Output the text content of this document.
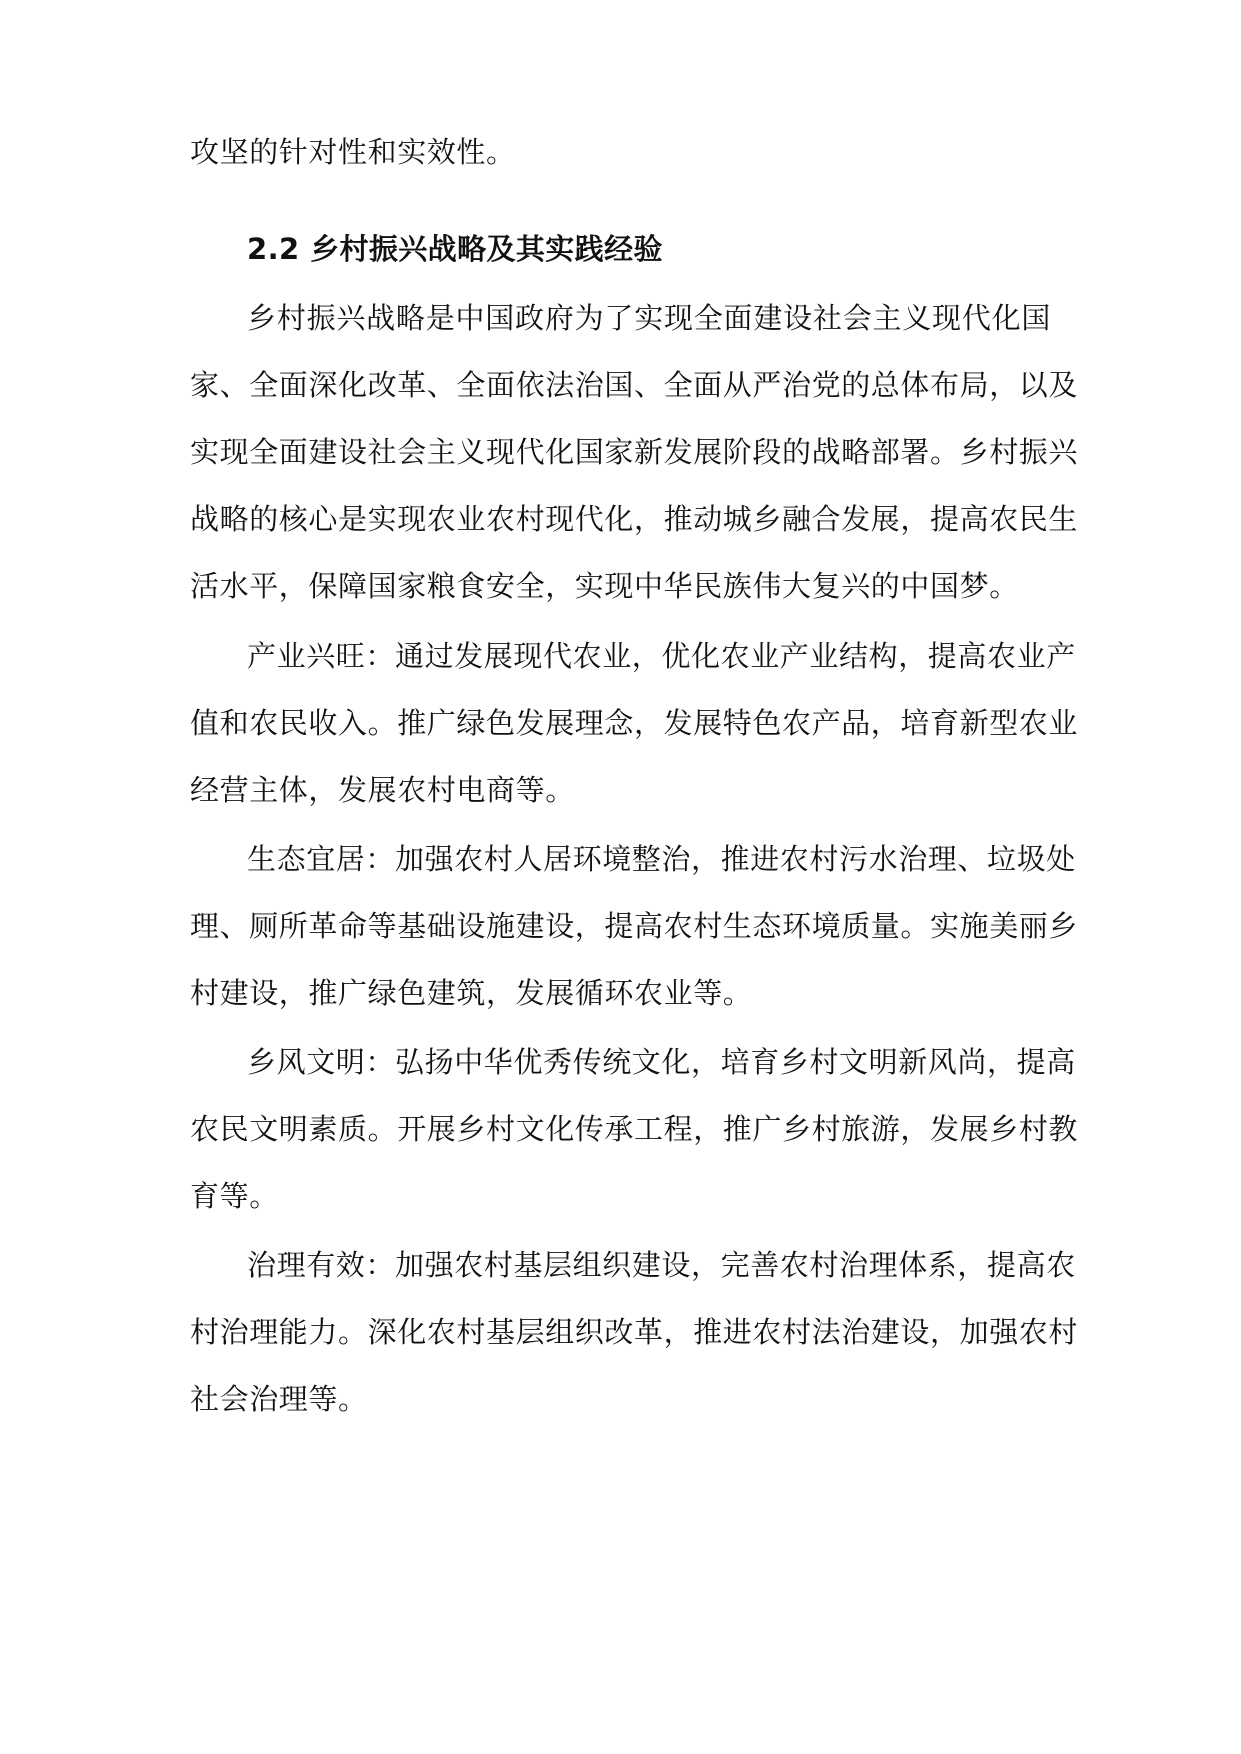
攻坚的针对性和实效性。
2.2 乡村振兴战略及其实践经验
乡村振兴战略是中国政府为了实现全面建设社会主义现代化国
家、全面深化改革、全面依法治国、全面从严治党的总体布局，以及
实现全面建设社会主义现代化国家新发展阶段的战略部署。乡村振兴
战略的核心是实现农业农村现代化，推动城乡融合发展，提高农民生
活水平，保障国家粮食安全，实现中华民族伟大复兴的中国梦。
产业兴旺：通过发展现代农业，优化农业产业结构，提高农业产
值和农民收入。推广绿色发展理念，发展特色农产品，培育新型农业
经营主体，发展农村电商等。
生态宜居：加强农村人居环境整治，推进农村污水治理、垃圾处
理、厕所革命等基础设施建设，提高农村生态环境质量。实施美丽乡
村建设，推广绿色建筑，发展循环农业等。
乡风文明：弘扬中华优秀传统文化，培育乡村文明新风尚，提高
农民文明素质。开展乡村文化传承工程，推广乡村旅游，发展乡村教
育等。
治理有效：加强农村基层组织建设，完善农村治理体系，提高农
村治理能力。深化农村基层组织改革，推进农村法治建设，加强农村
社会治理等。
